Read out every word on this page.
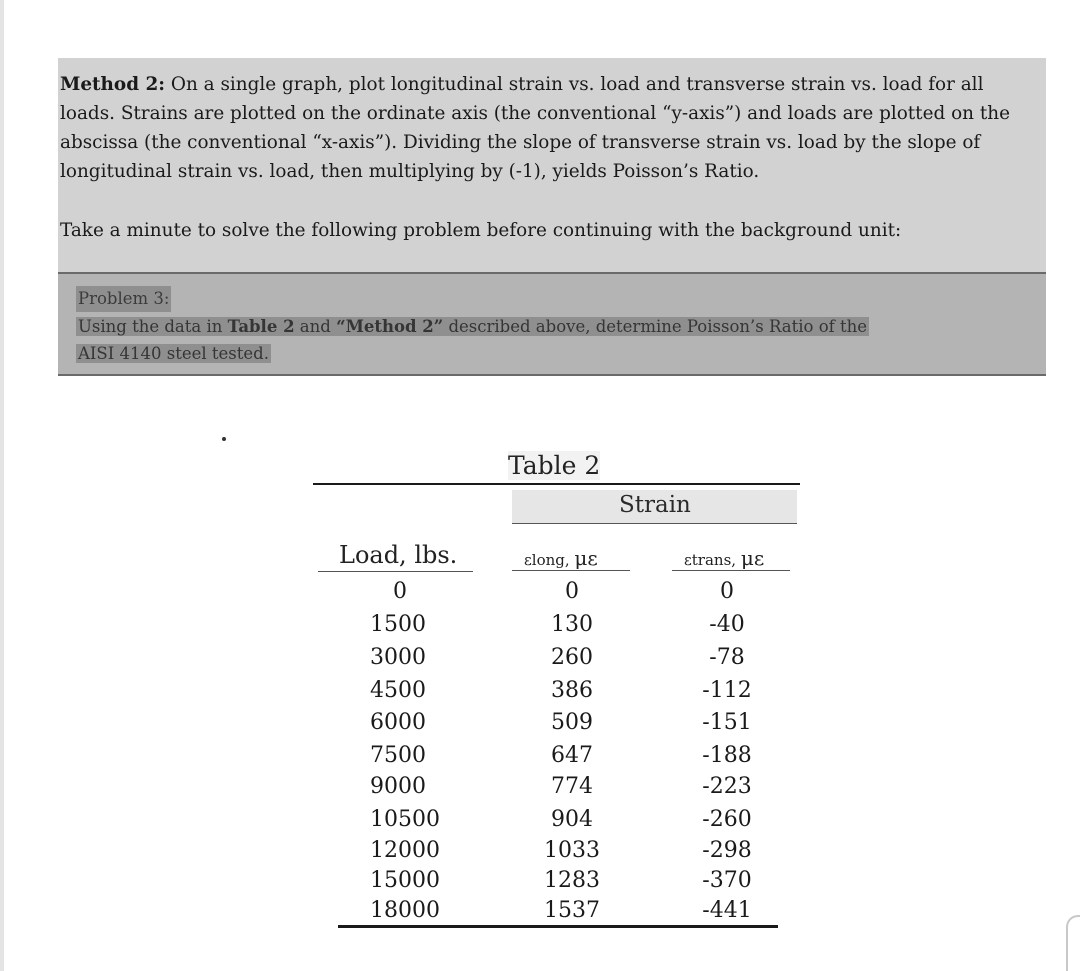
Method 2: On a single graph, plot longitudinal strain vs. load and transverse strain vs. load for all loads. Strains are plotted on the ordinate axis (the conventional “y-axis”) and loads are plotted on the abscissa (the conventional “x-axis”). Dividing the slope of transverse strain vs. load by the slope of longitudinal strain vs. load, then multiplying by (-1), yields Poisson’s Ratio.
Take a minute to solve the following problem before continuing with the background unit:
Problem 3:
Using the data in Table 2 and “Method 2” described above, determine Poisson’s Ratio of the
AISI 4140 steel tested.
Table 2
Strain
Load, lbs.	εlong, με	εtrans, με
0	0	0
1500	130	-40
3000	260	-78
4500	386	-112
6000	509	-151
7500	647	-188
9000	774	-223
10500	904	-260
12000	1033	-298
15000	1283	-370
18000	1537	-441
